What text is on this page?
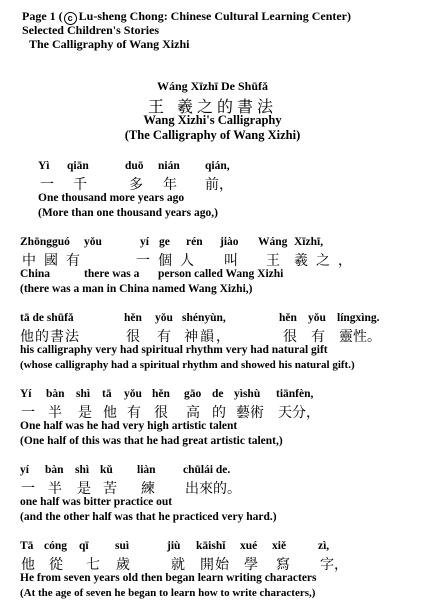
Page 1 ( c Lu-sheng Chong: Chinese Cultural Learning Center)
Selected Children's Stories
The Calligraphy of Wang Xizhi
Wáng Xīzhī De Shūfǎ
王 羲之的書法
Wang Xizhi's Calligraphy
(The Calligraphy of Wang Xizhi)
Yì qiān	duō nián qián,
一 千	多 年 前，
One thousand more years ago
(More than one thousand years ago,)
Zhōngguó yǒu	yí ge rén jiào Wáng Xīzhī,
中國有	一個人 叫 王 羲之，
China	there was a person called Wang Xizhi
(there was a man in China named Wang Xizhi,)
tā de shūfǎ	hěn yǒu shényùn,	hěn yǒu língxìng.
他的書法	很 有 神韻，	很 有 靈性。
his calligraphy very had spiritual rhythm very had natural gift
(whose calligraphy had a spiritual rhythm and showed his natural gift.)
Yí bàn shì tā yǒu hěn gāo de yìshù tiānfèn,
一 半 是 他 有 很 高 的 藝術 天分，
One half was he had very high artistic talent
(One half of this was that he had great artistic talent,)
yí bàn shì kǔ liàn chūlái de.
一 半 是 苦 練 出來的。
one half was bitter practice out
(and the other half was that he practiced very hard.)
Tā cóng qī suì	jiù kāishǐ xué xiě	zì,
他 從 七 歲	就 開始 學 寫 字，
He from seven years old then began learn writing characters
(At the age of seven he began to learn how to write characters,)
